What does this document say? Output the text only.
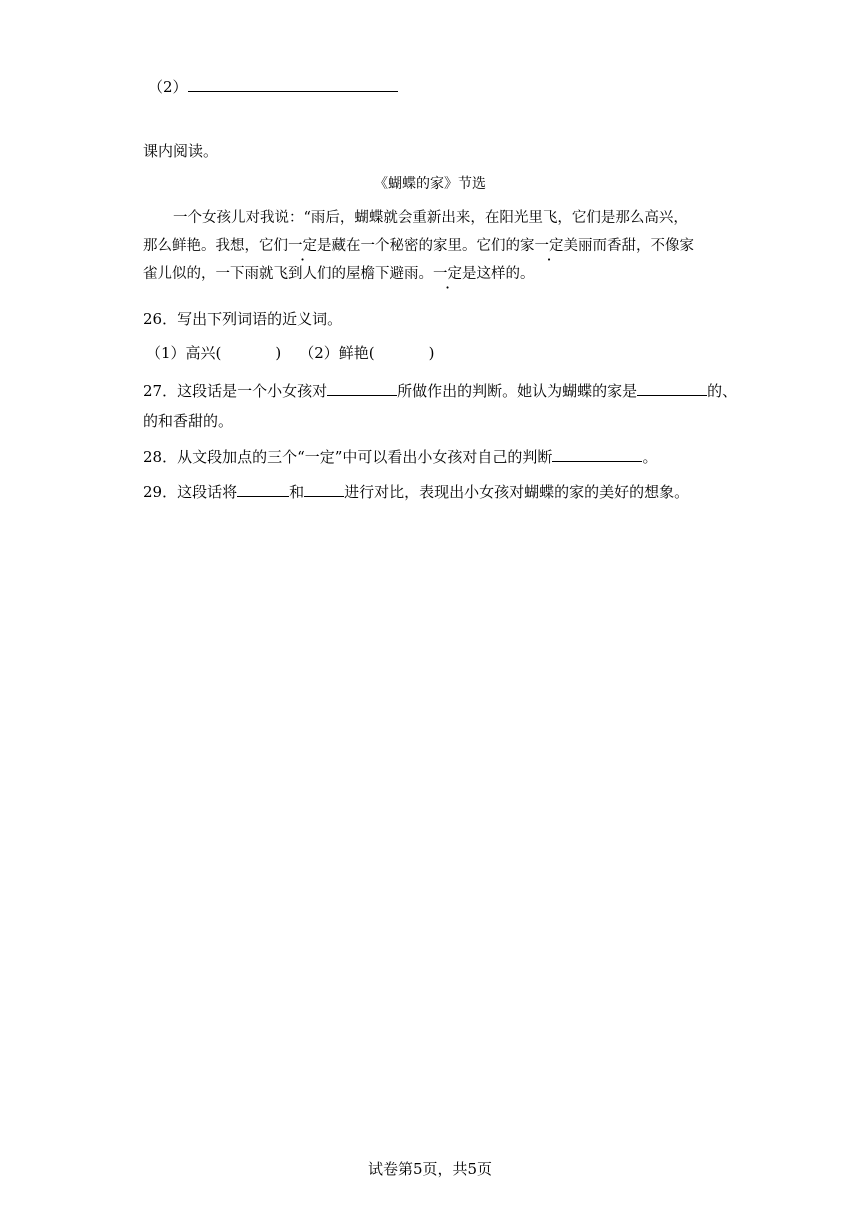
（2）
课内阅读。
《蝴蝶的家》节选
一个女孩儿对我说：“雨后，蝴蝶就会重新出来，在阳光里飞，它们是那么高兴，
那么鲜艳。我想，它们一定是藏在一个秘密的家里。它们的家一定美丽而香甜，不像家
雀儿似的，一下雨就飞到人们的屋檐下避雨。一定是这样的。
26．写出下列词语的近义词。
（1）高兴(	) （2）鲜艳(	)
27．这段话是一个小女孩对	所做作出的判断。她认为蝴蝶的家是	的、
的和香甜的。
28．从文段加点的三个“一定”中可以看出小女孩对自己的判断	。
29．这段话将	和	进行对比，表现出小女孩对蝴蝶的家的美好的想象。
试卷第5页，共5页
